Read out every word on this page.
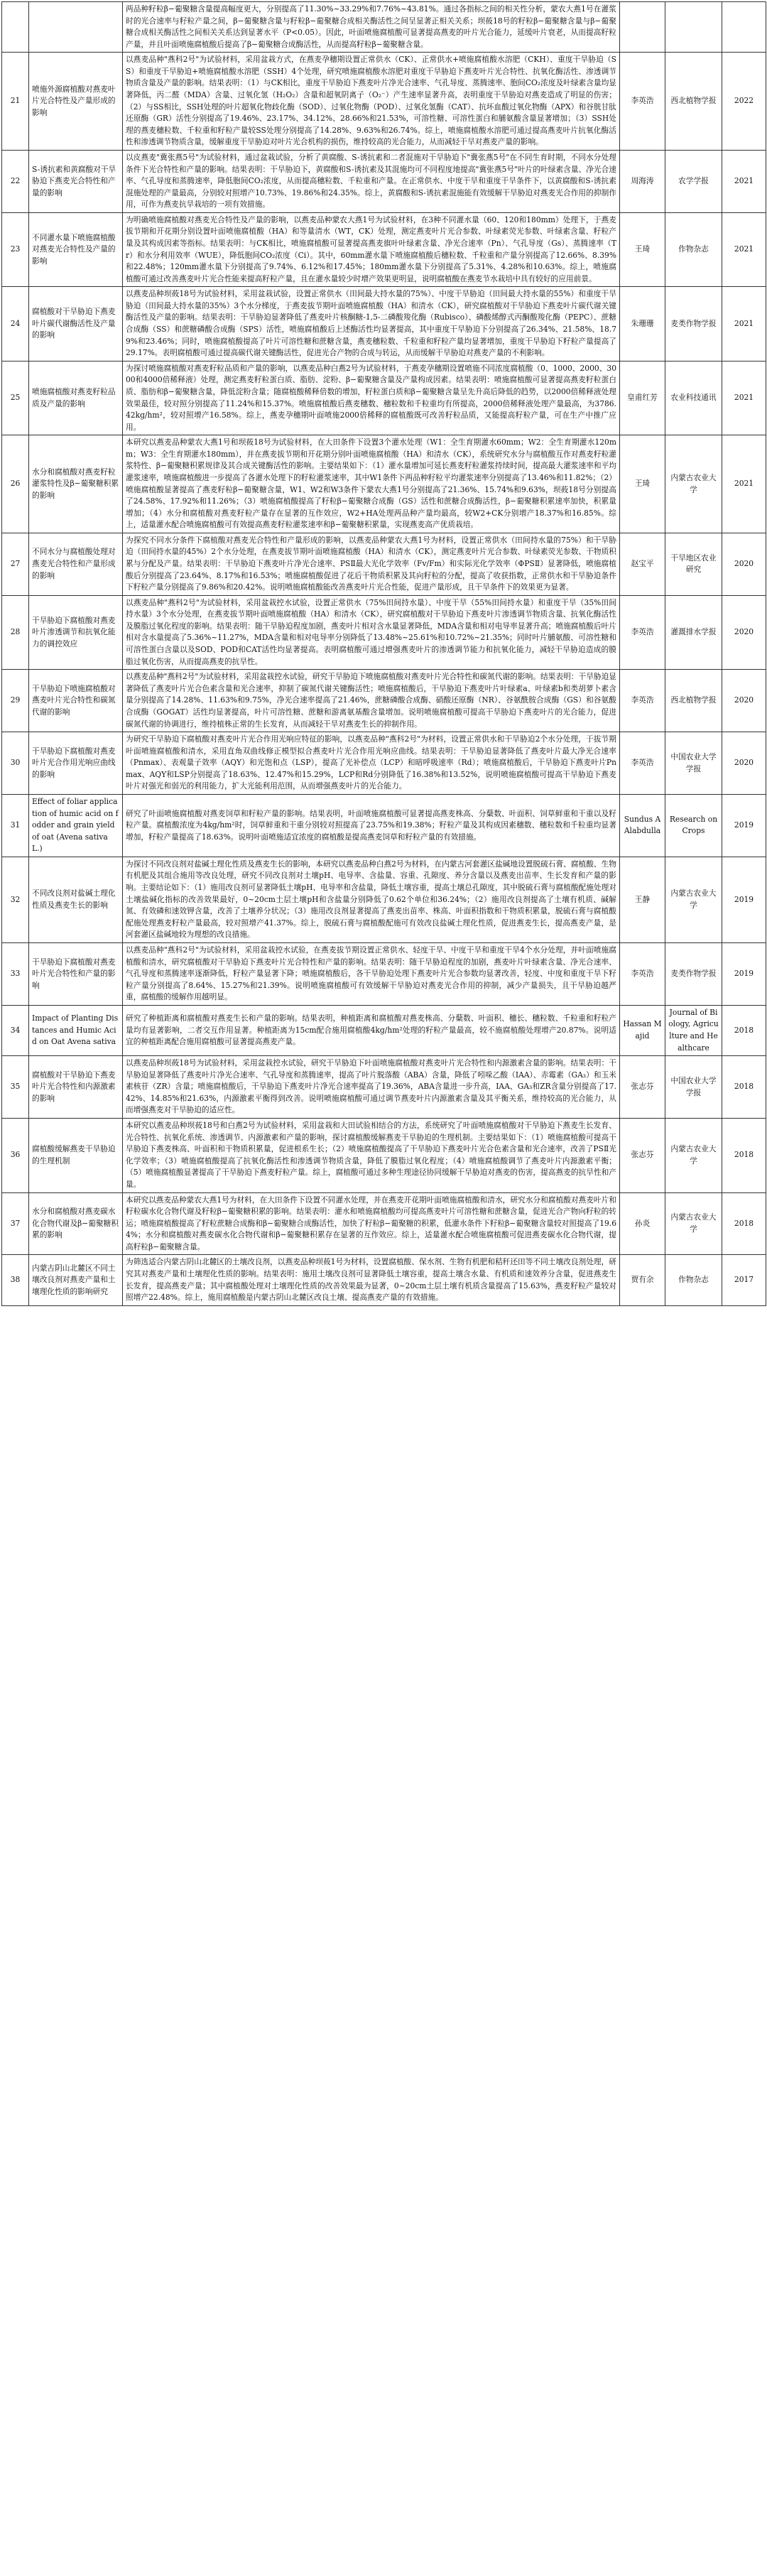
		两品种籽粒β−葡聚糖含量提高幅度更大，分别提高了11.30%~33.29%和7.76%~43.81%。通过各指标之间的相关性分析，蒙农大燕1号在灌浆时的光合速率与籽粒产量之间，β−葡聚糖含量与籽粒β−葡聚糖合成相关酶活性之间呈显著正相关关系；坝莜18号的籽粒β−葡聚糖含量与β−葡聚糖合成相关酶活性之间相关关系达到显著水平（P<0.05）。因此，叶面喷施腐植酸可显著提高燕麦的叶片光合能力，延缓叶片衰老，从而提高籽粒产量，并且叶面喷施腐植酸后提高了β−葡聚糖合成酶活性，从而提高籽粒β−葡聚糖含量。			
21	喷施外源腐植酸对燕麦叶片光合特性及产量形成的影响	以燕麦品种"燕科2号"为试验材料，采用盆栽方式，在燕麦孕穗期设置正常供水（CK）、正常供水+喷施腐植酸水溶肥（CKH）、重度干旱胁迫（SS）和重度干旱胁迫+喷施腐植酸水溶肥（SSH）4个处理，研究喷施腐植酸水溶肥对重度干旱胁迫下燕麦叶片光合特性、抗氧化酶活性、渗透调节物质含量及产量的影响。结果表明：（1）与CK相比，重度干旱胁迫下燕麦叶片净光合速率、气孔导度、蒸腾速率、胞间CO₂浓度及叶绿素含量均显著降低，丙二醛（MDA）含量、过氧化氢（H₂O₂）含量和超氧阴离子（O₂⁻）产生速率显著升高，表明重度干旱胁迫对燕麦造成了明显的伤害；（2）与SS相比，SSH处理的叶片超氧化物歧化酶（SOD）、过氧化物酶（POD）、过氧化氢酶（CAT）、抗坏血酸过氧化物酶（APX）和谷胱甘肽还原酶（GR）活性分别提高了19.46%、23.17%、34.12%、28.66%和21.53%，可溶性糖、可溶性蛋白和脯氨酸含量显著增加；（3）SSH处理的燕麦穗粒数、千粒重和籽粒产量较SS处理分别提高了14.28%、9.63%和26.74%。综上，喷施腐植酸水溶肥可通过提高燕麦叶片抗氧化酶活性和渗透调节物质含量，缓解重度干旱胁迫对叶片光合机构的损伤，维持较高的光合能力，从而减轻干旱对燕麦产量的影响。	李英浩	西北植物学报	2022
22	S-诱抗素和黄腐酸对干旱胁迫下燕麦光合特性和产量的影响	以皮燕麦"冀张燕5号"为试验材料，通过盆栽试验，分析了黄腐酸、S-诱抗素和二者混施对干旱胁迫下"冀张燕5号"在不同生育时期，不同水分处理条件下光合特性和产量的影响。结果表明：干旱胁迫下，黄腐酸和S-诱抗素及其混施均可不同程度地提高"冀张燕5号"叶片的叶绿素含量、净光合速率、气孔导度和蒸腾速率，降低胞间CO₂浓度，从而提高穗粒数、千粒重和产量。在正常供水、中度干旱和重度干旱条件下，以黄腐酸和S-诱抗素混施处理的产量最高，分别较对照增产10.73%、19.86%和24.35%。综上，黄腐酸和S-诱抗素混施能有效缓解干旱胁迫对燕麦光合作用的抑制作用，可作为燕麦抗旱栽培的一项有效措施。	周海涛	农学学报	2021
23	不同灌水量下喷施腐植酸对燕麦光合特性及产量的影响	为明确喷施腐植酸对燕麦光合特性及产量的影响，以燕麦品种蒙农大燕1号为试验材料，在3种不同灌水量（60、120和180mm）处理下，于燕麦拔节期和开花期分别设置叶面喷施腐植酸（HA）和等量清水（WT，CK）处理，测定燕麦叶片光合参数、叶绿素荧光参数、叶绿素含量、籽粒产量及其构成因素等指标。结果表明：与CK相比，喷施腐植酸可显著提高燕麦旗叶叶绿素含量、净光合速率（Pn）、气孔导度（Gs）、蒸腾速率（Tr）和水分利用效率（WUE），降低胞间CO₂浓度（Ci）。其中，60mm灌水量下喷施腐植酸后穗粒数、千粒重和产量分别提高了12.66%、8.39%和22.48%；120mm灌水量下分别提高了9.74%、6.12%和17.45%；180mm灌水量下分别提高了5.31%、4.28%和10.63%。综上，喷施腐植酸可通过改善燕麦叶片光合性能来提高籽粒产量，且在灌水量较少时增产效果更明显，说明腐植酸在燕麦节水栽培中具有较好的应用前景。	王琦	作物杂志	2021
24	腐植酸对干旱胁迫下燕麦叶片碳代谢酶活性及产量的影响	以燕麦品种坝莜18号为试验材料，采用盆栽试验，设置正常供水（田间最大持水量的75%）、中度干旱胁迫（田间最大持水量的55%）和重度干旱胁迫（田间最大持水量的35%）3个水分梯度，于燕麦拔节期叶面喷施腐植酸（HA）和清水（CK），研究腐植酸对干旱胁迫下燕麦叶片碳代谢关键酶活性及产量的影响。结果表明：干旱胁迫显著降低了燕麦叶片核酮糖-1,5-二磷酸羧化酶（Rubisco）、磷酸烯醇式丙酮酸羧化酶（PEPC）、蔗糖合成酶（SS）和蔗糖磷酸合成酶（SPS）活性，喷施腐植酸后上述酶活性均显著提高，其中重度干旱胁迫下分别提高了26.34%、21.58%、18.79%和23.46%；同时，喷施腐植酸提高了叶片可溶性糖和蔗糖含量，燕麦穗粒数、千粒重和籽粒产量均显著增加，重度干旱胁迫下籽粒产量提高了29.17%。表明腐植酸可通过提高碳代谢关键酶活性，促进光合产物的合成与转运，从而缓解干旱胁迫对燕麦产量的不利影响。	朱珊珊	麦类作物学报	2021
25	喷施腐植酸对燕麦籽粒品质及产量的影响	为探讨喷施腐植酸对燕麦籽粒品质和产量的影响，以燕麦品种白燕2号为试验材料，于燕麦孕穗期设置喷施不同浓度腐植酸（0、1000、2000、3000和4000倍稀释液）处理，测定燕麦籽粒蛋白质、脂肪、淀粉、β−葡聚糖含量及产量构成因素。结果表明：喷施腐植酸可显著提高燕麦籽粒蛋白质、脂肪和β−葡聚糖含量，降低淀粉含量；随腐植酸稀释倍数的增加，籽粒蛋白质和β−葡聚糖含量呈先升高后降低的趋势，以2000倍稀释液处理效果最佳，较对照分别提高了11.24%和15.37%。喷施腐植酸后燕麦穗数、穗粒数和千粒重均有所提高，2000倍稀释液处理产量最高，为3786.42kg/hm²，较对照增产16.58%。综上，燕麦孕穗期叶面喷施2000倍稀释的腐植酸既可改善籽粒品质，又能提高籽粒产量，可在生产中推广应用。	皇甫红芳	农业科技通讯	2021
26	水分和腐植酸对燕麦籽粒灌浆特性及β−葡聚糖积累的影响	本研究以燕麦品种蒙农大燕1号和坝莜18号为试验材料，在大田条件下设置3个灌水处理（W1：全生育期灌水60mm；W2：全生育期灌水120mm；W3：全生育期灌水180mm），并在燕麦拔节期和开花期分别叶面喷施腐植酸（HA）和清水（CK），系统研究水分与腐植酸互作对燕麦籽粒灌浆特性、β−葡聚糖积累规律及其合成关键酶活性的影响。主要结果如下：（1）灌水量增加可延长燕麦籽粒灌浆持续时间，提高最大灌浆速率和平均灌浆速率，喷施腐植酸进一步提高了各灌水处理下的籽粒灌浆速率，其中W1条件下两品种籽粒平均灌浆速率分别提高了13.46%和11.82%；（2）喷施腐植酸显著提高了燕麦籽粒β−葡聚糖含量，W1、W2和W3条件下蒙农大燕1号分别提高了21.36%、15.74%和9.63%，坝莜18号分别提高了24.58%、17.92%和11.26%；（3）喷施腐植酸提高了籽粒β−葡聚糖合成酶（GS）活性和蔗糖合成酶活性，β−葡聚糖积累速率加快，积累量增加；（4）水分和腐植酸对燕麦籽粒产量存在显著的互作效应，W2+HA处理两品种产量均最高，较W2+CK分别增产18.37%和16.85%。综上，适量灌水配合喷施腐植酸可有效提高燕麦籽粒灌浆速率和β−葡聚糖积累量，实现燕麦高产优质栽培。	王琦	内蒙古农业大学	2021
27	不同水分与腐植酸处理对燕麦光合特性和产量形成的影响	为探究不同水分条件下腐植酸对燕麦光合特性和产量形成的影响，以燕麦品种蒙农大燕1号为材料，设置正常供水（田间持水量的75%）和干旱胁迫（田间持水量的45%）2个水分处理，在燕麦拔节期叶面喷施腐植酸（HA）和清水（CK），测定燕麦叶片光合参数、叶绿素荧光参数、干物质积累与分配及产量。结果表明：干旱胁迫下燕麦叶片净光合速率、PSⅡ最大光化学效率（Fv/Fm）和实际光化学效率（ΦPSⅡ）显著降低，喷施腐植酸后分别提高了23.64%、8.17%和16.53%；喷施腐植酸促进了花后干物质积累及其向籽粒的分配，提高了收获指数，正常供水和干旱胁迫条件下籽粒产量分别提高了9.86%和20.42%。说明喷施腐植酸能改善燕麦叶片光合性能，促进产量形成，且干旱条件下的效果更为显著。	赵宝平	干旱地区农业研究	2020
28	干旱胁迫下腐植酸对燕麦叶片渗透调节和抗氧化能力的调控效应	以燕麦品种"燕科2号"为试验材料，采用盆栽控水试验，设置正常供水（75%田间持水量）、中度干旱（55%田间持水量）和重度干旱（35%田间持水量）3个水分处理，在燕麦拔节期叶面喷施腐植酸（HA）和清水（CK），研究腐植酸对干旱胁迫下燕麦叶片渗透调节物质含量、抗氧化酶活性及膜脂过氧化程度的影响。结果表明：随干旱胁迫程度加剧，燕麦叶片相对含水量显著降低，MDA含量和相对电导率显著升高；喷施腐植酸后叶片相对含水量提高了5.36%~11.27%，MDA含量和相对电导率分别降低了13.48%~25.61%和10.72%~21.35%；同时叶片脯氨酸、可溶性糖和可溶性蛋白含量以及SOD、POD和CAT活性均显著提高。表明腐植酸可通过增强燕麦叶片的渗透调节能力和抗氧化能力，减轻干旱胁迫造成的膜脂过氧化伤害，从而提高燕麦的抗旱性。	李英浩	灌溉排水学报	2020
29	干旱胁迫下喷施腐植酸对燕麦叶片光合特性和碳氮代谢的影响	以燕麦品种"燕科2号"为试验材料，采用盆栽控水试验，研究干旱胁迫下喷施腐植酸对燕麦叶片光合特性和碳氮代谢的影响。结果表明：干旱胁迫显著降低了燕麦叶片光合色素含量和光合速率，抑制了碳氮代谢关键酶活性；喷施腐植酸后，干旱胁迫下燕麦叶片叶绿素a、叶绿素b和类胡萝卜素含量分别提高了14.28%、11.63%和9.75%，净光合速率提高了21.46%，蔗糖磷酸合成酶、硝酸还原酶（NR）、谷氨酰胺合成酶（GS）和谷氨酸合成酶（GOGAT）活性均显著提高，叶片可溶性糖、蔗糖和游离氨基酸含量增加。说明喷施腐植酸可提高干旱胁迫下燕麦叶片的光合能力，促进碳氮代谢的协调进行，维持植株正常的生长发育，从而减轻干旱对燕麦生长的抑制作用。	李英浩	西北植物学报	2020
30	干旱胁迫下腐植酸对燕麦叶片光合作用光响应曲线的影响	为研究干旱胁迫下腐植酸对燕麦叶片光合作用光响应特征的影响，以燕麦品种"燕科2号"为材料，设置正常供水和干旱胁迫2个水分处理，于拔节期叶面喷施腐植酸和清水，采用直角双曲线修正模型拟合燕麦叶片光合作用光响应曲线。结果表明：干旱胁迫显著降低了燕麦叶片最大净光合速率（Pnmax）、表观量子效率（AQY）和光饱和点（LSP），提高了光补偿点（LCP）和暗呼吸速率（Rd）；喷施腐植酸后，干旱胁迫下燕麦叶片Pnmax、AQY和LSP分别提高了18.63%、12.47%和15.29%，LCP和Rd分别降低了16.38%和13.52%，说明喷施腐植酸可提高干旱胁迫下燕麦叶片对强光和弱光的利用能力，扩大光能利用范围，从而增强燕麦叶片的光合能力。	李英浩	中国农业大学学报	2020
31	Effect of foliar application of humic acid on fodder and grain yield of oat (Avena sativa L.)	研究了叶面喷施腐植酸对燕麦饲草和籽粒产量的影响。结果表明，叶面喷施腐植酸可显著提高燕麦株高、分蘖数、叶面积、饲草鲜重和干重以及籽粒产量。腐植酸浓度为4kg/hm²时，饲草鲜重和干重分别较对照提高了23.75%和19.38%；籽粒产量及其构成因素穗数、穗粒数和千粒重均显著增加，籽粒产量提高了18.63%。说明叶面喷施适宜浓度的腐植酸是提高燕麦饲草和籽粒产量的有效措施。	Sundus A Alabdulla	Research on Crops	2019
32	不同改良剂对盐碱土理化性质及燕麦生长的影响	为探讨不同改良剂对盐碱土理化性质及燕麦生长的影响，本研究以燕麦品种白燕2号为材料，在内蒙古河套灌区盐碱地设置脱硫石膏、腐植酸、生物有机肥及其组合施用等改良处理，研究不同改良剂对土壤pH、电导率、含盐量、容重、孔隙度、养分含量以及燕麦出苗率、生长发育和产量的影响。主要结论如下：（1）施用改良剂可显著降低土壤pH、电导率和含盐量，降低土壤容重，提高土壤总孔隙度，其中脱硫石膏与腐植酸配施处理对土壤盐碱化指标的改善效果最好，0~20cm土层土壤pH和含盐量分别降低了0.62个单位和36.24%；（2）施用改良剂提高了土壤有机质、碱解氮、有效磷和速效钾含量，改善了土壤养分状况；（3）施用改良剂显著提高了燕麦出苗率、株高、叶面积指数和干物质积累量，脱硫石膏与腐植酸配施处理燕麦籽粒产量最高，较对照增产41.37%。综上，脱硫石膏与腐植酸配施可有效改良盐碱土理化性质，促进燕麦生长，提高燕麦产量，是河套灌区盐碱地较为理想的改良措施。	王静	内蒙古农业大学	2019
33	干旱胁迫下腐植酸对燕麦叶片光合特性和产量的影响	以燕麦品种"燕科2号"为试验材料，采用盆栽控水试验，在燕麦拔节期设置正常供水、轻度干旱、中度干旱和重度干旱4个水分处理，并叶面喷施腐植酸和清水，研究腐植酸对干旱胁迫下燕麦叶片光合特性和产量的影响。结果表明：随干旱胁迫程度的加剧，燕麦叶片叶绿素含量、净光合速率、气孔导度和蒸腾速率逐渐降低，籽粒产量显著下降；喷施腐植酸后，各干旱胁迫处理下燕麦叶片光合参数均显著改善，轻度、中度和重度干旱下籽粒产量分别提高了8.64%、15.27%和21.39%。说明喷施腐植酸可有效缓解干旱胁迫对燕麦光合作用的抑制，减少产量损失，且干旱胁迫越严重，腐植酸的缓解作用越明显。	李英浩	麦类作物学报	2019
34	Impact of Planting Distances and Humic Acid on Oat Avena sativa	研究了种植距离和腐植酸对燕麦生长和产量的影响。结果表明，种植距离和腐植酸对燕麦株高、分蘖数、叶面积、穗长、穗粒数、千粒重和籽粒产量均有显著影响，二者交互作用显著。种植距离为15cm配合施用腐植酸4kg/hm²处理的籽粒产量最高，较不施腐植酸处理增产20.87%。说明适宜的种植距离配合施用腐植酸可显著提高燕麦产量。	Hassan Majid	Journal of Biology, Agriculture and Healthcare	2018
35	腐植酸对干旱胁迫下燕麦叶片光合特性和内源激素的影响	以燕麦品种坝莜18号为试验材料，采用盆栽控水试验，研究干旱胁迫下叶面喷施腐植酸对燕麦叶片光合特性和内源激素含量的影响。结果表明：干旱胁迫显著降低了燕麦叶片净光合速率、气孔导度和蒸腾速率，提高了叶片脱落酸（ABA）含量，降低了吲哚乙酸（IAA）、赤霉素（GA₃）和玉米素核苷（ZR）含量；喷施腐植酸后，干旱胁迫下燕麦叶片净光合速率提高了19.36%，ABA含量进一步升高，IAA、GA₃和ZR含量分别提高了17.42%、14.85%和21.63%，内源激素平衡得到改善。说明喷施腐植酸可通过调节燕麦叶片内源激素含量及其平衡关系，维持较高的光合能力，从而增强燕麦对干旱胁迫的适应性。	张志芬	中国农业大学学报	2018
36	腐植酸缓解燕麦干旱胁迫的生理机制	本研究以燕麦品种坝莜18号和白燕2号为试验材料，采用盆栽和大田试验相结合的方法，系统研究了叶面喷施腐植酸对干旱胁迫下燕麦生长发育、光合特性、抗氧化系统、渗透调节、内源激素和产量的影响，探讨腐植酸缓解燕麦干旱胁迫的生理机制。主要结果如下：（1）喷施腐植酸可提高干旱胁迫下燕麦株高、叶面积和干物质积累量，促进根系生长；（2）喷施腐植酸提高了干旱胁迫下燕麦叶片光合色素含量和光合速率，改善了PSⅡ光化学效率；（3）喷施腐植酸提高了抗氧化酶活性和渗透调节物质含量，降低了膜脂过氧化程度；（4）喷施腐植酸调节了燕麦叶片内源激素平衡；（5）喷施腐植酸显著提高了干旱胁迫下燕麦籽粒产量。综上，腐植酸可通过多种生理途径协同缓解干旱胁迫对燕麦的伤害，提高燕麦的抗旱性和产量。	张志芬	内蒙古农业大学	2018
37	水分和腐植酸对燕麦碳水化合物代谢及β−葡聚糖积累的影响	本研究以燕麦品种蒙农大燕1号为材料，在大田条件下设置不同灌水处理，并在燕麦开花期叶面喷施腐植酸和清水，研究水分和腐植酸对燕麦叶片和籽粒碳水化合物代谢及籽粒β−葡聚糖积累的影响。结果表明：灌水和喷施腐植酸均可提高燕麦叶片可溶性糖和蔗糖含量，促进光合产物向籽粒的转运；喷施腐植酸提高了籽粒蔗糖合成酶和β−葡聚糖合成酶活性，加快了籽粒β−葡聚糖的积累，低灌水条件下籽粒β−葡聚糖含量较对照提高了19.64%；水分和腐植酸对燕麦碳水化合物代谢和β−葡聚糖积累存在显著的互作效应。综上，适量灌水配合喷施腐植酸可促进燕麦碳水化合物代谢，提高籽粒β−葡聚糖含量。	孙炎	内蒙古农业大学	2018
38	内蒙古阴山北麓区不同土壤改良剂对燕麦产量和土壤理化性质的影响研究	为筛选适合内蒙古阴山北麓区的土壤改良剂，以燕麦品种坝莜1号为材料，设置腐植酸、保水剂、生物有机肥和秸秆还田等不同土壤改良剂处理，研究其对燕麦产量和土壤理化性质的影响。结果表明：施用土壤改良剂可显著降低土壤容重，提高土壤含水量、有机质和速效养分含量，促进燕麦生长发育，提高燕麦产量；其中腐植酸处理对土壤理化性质的改善效果最为显著，0~20cm土层土壤有机质含量提高了15.63%，燕麦籽粒产量较对照增产22.48%。综上，施用腐植酸是内蒙古阴山北麓区改良土壤、提高燕麦产量的有效措施。	贾有余	作物杂志	2017
